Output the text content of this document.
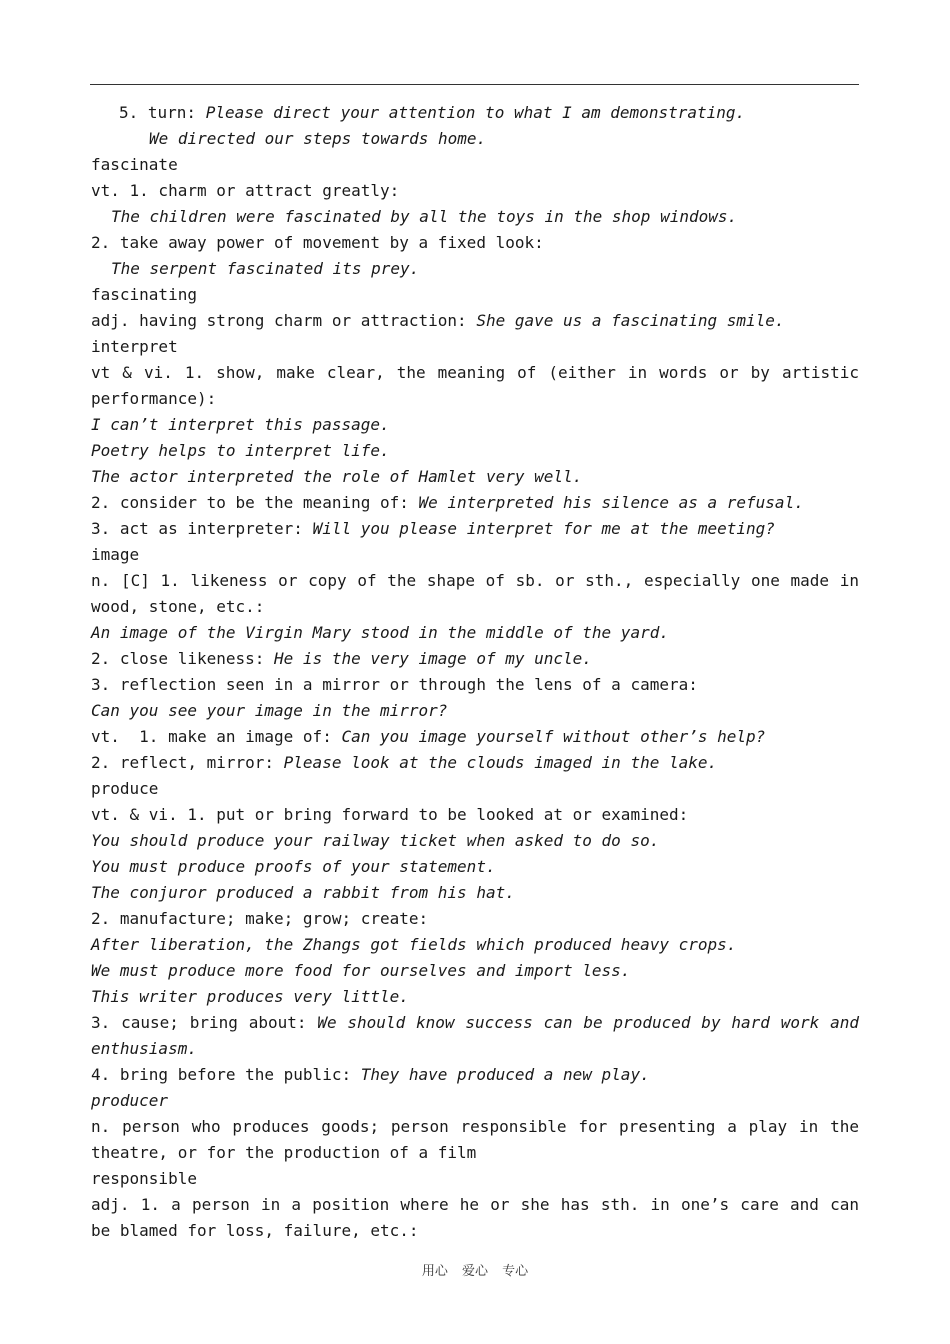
5. turn: Please direct your attention to what I am demonstrating.
We directed our steps towards home.
fascinate
vt. 1. charm or attract greatly:
The children were fascinated by all the toys in the shop windows.
2. take away power of movement by a fixed look:
The serpent fascinated its prey.
fascinating
adj. having strong charm or attraction: She gave us a fascinating smile.
interpret
vt & vi. 1. show, make clear, the meaning of (either in words or by artistic
performance):
I can’t interpret this passage.
Poetry helps to interpret life.
The actor interpreted the role of Hamlet very well.
2. consider to be the meaning of: We interpreted his silence as a refusal.
3. act as interpreter: Will you please interpret for me at the meeting?
image
n. [C] 1. likeness or copy of the shape of sb. or sth., especially one made in
wood, stone, etc.:
An image of the Virgin Mary stood in the middle of the yard.
2. close likeness: He is the very image of my uncle.
3. reflection seen in a mirror or through the lens of a camera:
Can you see your image in the mirror?
vt.  1. make an image of: Can you image yourself without other’s help?
2. reflect, mirror: Please look at the clouds imaged in the lake.
produce
vt. & vi. 1. put or bring forward to be looked at or examined:
You should produce your railway ticket when asked to do so.
You must produce proofs of your statement.
The conjuror produced a rabbit from his hat.
2. manufacture; make; grow; create:
After liberation, the Zhangs got fields which produced heavy crops.
We must produce more food for ourselves and import less.
This writer produces very little.
3. cause; bring about: We should know success can be produced by hard work and
enthusiasm.
4. bring before the public: They have produced a new play.
producer
n. person who produces goods; person responsible for presenting a play in the
theatre, or for the production of a film
responsible
adj. 1. a person in a position where he or she has sth. in one’s care and can
be blamed for loss, failure, etc.:
用心 爱心 专心
